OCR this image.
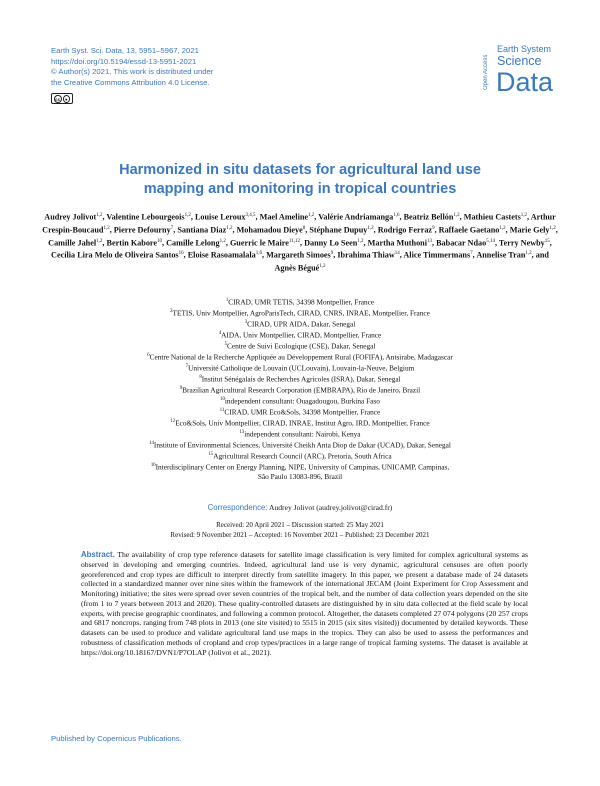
Earth Syst. Sci. Data, 13, 5951–5967, 2021
https://doi.org/10.5194/essd-13-5951-2021
© Author(s) 2021. This work is distributed under
the Creative Commons Attribution 4.0 License.
cc	●
Open Access
Earth System
Science
Data
Harmonized in situ datasets for agricultural land use
mapping and monitoring in tropical countries
Audrey Jolivot$^{1,2}$, Valentine Lebourgeois$^{1,2}$, Louise Leroux$^{3,4,5}$, Mael Ameline$^{1,2}$, Valérie Andriamanga$^{1,6}$, Beatriz Bellón$^{1,2}$, Mathieu Castets$^{1,2}$, Arthur Crespin-Boucaud$^{1,2}$, Pierre Defourny$^7$, Santiana Diaz$^{1,2}$, Mohamadou Dieye$^8$, Stéphane Dupuy$^{1,2}$, Rodrigo Ferraz$^9$, Raffaele Gaetano$^{1,2}$, Marie Gely$^{1,2}$, Camille Jahel$^{1,2}$, Bertin Kabore$^{10}$, Camille Lelong$^{1,2}$, Guerric le Maire$^{11,12}$, Danny Lo Seen$^{1,2}$, Martha Muthoni$^{13}$, Babacar Ndao$^{5,14}$, Terry Newby$^{15}$, Cecília Lira Melo de Oliveira Santos$^{16}$, Eloise Rasoamalala$^{1,6}$, Margareth Simoes$^9$, Ibrahima Thiaw$^{14}$, Alice Timmermans$^7$, Annelise Tran$^{1,2}$, and Agnès Bégué$^{1,2}$
$^1$CIRAD, UMR TETIS, 34398 Montpellier, France
$^2$TETIS, Univ Montpellier, AgroParisTech, CIRAD, CNRS, INRAE, Montpellier, France
$^3$CIRAD, UPR AIDA, Dakar, Senegal
$^4$AIDA, Univ Montpellier, CIRAD, Montpellier, France
$^5$Centre de Suivi Ecologique (CSE), Dakar, Senegal
$^6$Centre National de la Recherche Appliquée au Développement Rural (FOFIFA), Antsirabe, Madagascar
$^7$Université Catholique de Louvain (UCLouvain), Louvain-la-Neuve, Belgium
$^8$Institut Sénégalais de Recherches Agricoles (ISRA), Dakar, Senegal
$^9$Brazilian Agricultural Research Corporation (EMBRAPA), Rio de Janeiro, Brazil
$^{10}$independent consultant: Ouagadougou, Burkina Faso
$^{11}$CIRAD, UMR Eco&Sols, 34398 Montpellier, France
$^{12}$Eco&Sols, Univ Montpellier, CIRAD, INRAE, Institut Agro, IRD, Montpellier, France
$^{13}$independent consultant: Nairobi, Kenya
$^{14}$Institute of Environmental Sciences, Université Cheikh Anta Diop de Dakar (UCAD), Dakar, Senegal
$^{15}$Agricultural Research Council (ARC), Pretoria, South Africa
$^{16}$Interdisciplinary Center on Energy Planning, NIPE, University of Campinas, UNICAMP, Campinas,
São Paulo 13083-896, Brazil
Correspondence: Audrey Jolivot (audrey.jolivot@cirad.fr)
Received: 20 April 2021 – Discussion started: 25 May 2021
Revised: 9 November 2021 – Accepted: 16 November 2021 – Published: 23 December 2021
Abstract. The availability of crop type reference datasets for satellite image classification is very limited for complex agricultural systems as observed in developing and emerging countries. Indeed, agricultural land use is very dynamic, agricultural censuses are often poorly georeferenced and crop types are difficult to interpret directly from satellite imagery. In this paper, we present a database made of 24 datasets collected in a standardized manner over nine sites within the framework of the international JECAM (Joint Experiment for Crop Assessment and Monitoring) initiative; the sites were spread over seven countries of the tropical belt, and the number of data collection years depended on the site (from 1 to 7 years between 2013 and 2020). These quality-controlled datasets are distinguished by in situ data collected at the field scale by local experts, with precise geographic coordinates, and following a common protocol. Altogether, the datasets completed 27 074 polygons (20 257 crops and 6817 noncrops, ranging from 748 plots in 2013 (one site visited) to 5515 in 2015 (six sites visited)) documented by detailed keywords. These datasets can be used to produce and validate agricultural land use maps in the tropics. They can also be used to assess the performances and robustness of classification methods of cropland and crop types/practices in a large range of tropical farming systems. The dataset is available at https://doi.org/10.18167/DVN1/P7OLAP (Jolivot et al., 2021).
Published by Copernicus Publications.
